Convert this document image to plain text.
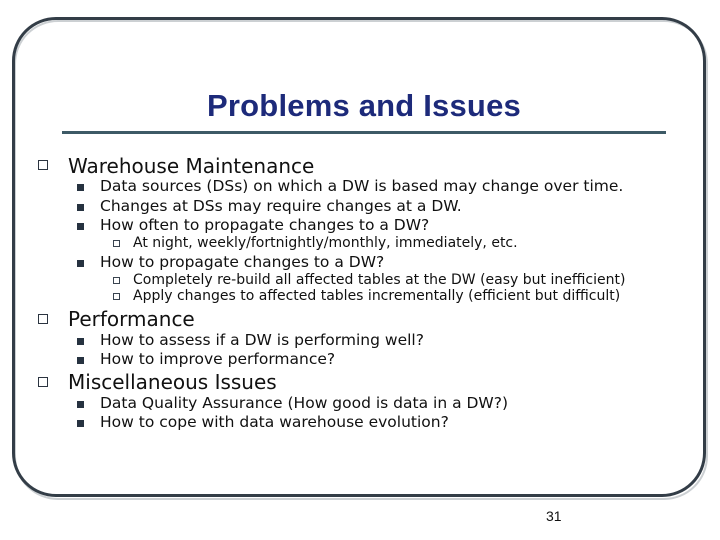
Problems and Issues
Warehouse Maintenance
Data sources (DSs) on which a DW is based may change over time.
Changes at DSs may require changes at a DW.
How often to propagate changes to a DW?
At night, weekly/fortnightly/monthly, immediately, etc.
How to propagate changes to a DW?
Completely re-build all affected tables at the DW (easy but inefficient)
Apply changes to affected tables incrementally (efficient but difficult)
Performance
How to assess if a DW is performing well?
How to improve performance?
Miscellaneous Issues
Data Quality Assurance (How good is data in a DW?)
How to cope with data warehouse evolution?
31
